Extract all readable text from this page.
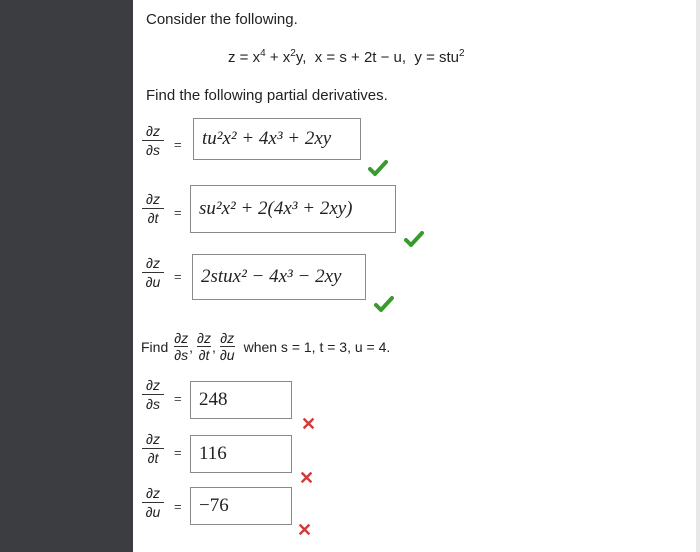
Consider the following.
$z = x^4 + x^2y$, x = s + 2t − u, y = stu$^2$
Find the following partial derivatives.
∂z
∂s	= tu²x² + 4x³ + 2xy
∂z
∂t	= su²x² + 2(4x³ + 2xy)
∂z
∂u	= 2stux² − 4x³ − 2xy
Find $\frac{\partial z}{\partial s}$ , $\frac{\partial z}{\partial t}$ , $\frac{\partial z}{\partial u}$ when s = 1, t = 3, u = 4.
∂z
∂s	= 248
✕
∂z
∂t	= 116
✕
∂z
∂u	= −76
✕
